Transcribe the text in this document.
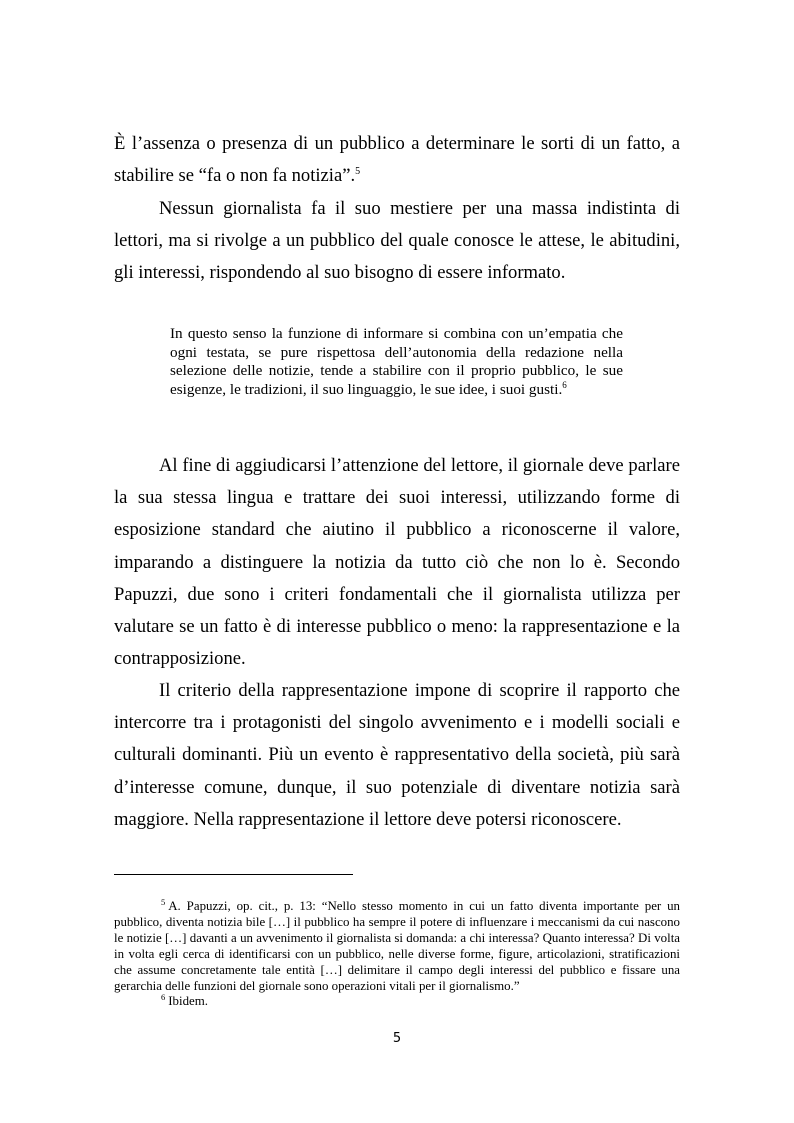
È l’assenza o presenza di un pubblico a determinare le sorti di un fatto, a stabilire se “fa o non fa notizia”.$^5$

Nessun giornalista fa il suo mestiere per una massa indistinta di lettori, ma si rivolge a un pubblico del quale conosce le attese, le abitudini, gli interessi, rispondendo al suo bisogno di essere informato.

In questo senso la funzione di informare si combina con un’empatia che ogni testata, se pure rispettosa dell’autonomia della redazione nella selezione delle notizie, tende a stabilire con il proprio pubblico, le sue esigenze, le tradizioni, il suo linguaggio, le sue idee, i suoi gusti.$^6$

Al fine di aggiudicarsi l’attenzione del lettore, il giornale deve parlare la sua stessa lingua e trattare dei suoi interessi, utilizzando forme di esposizione standard che aiutino il pubblico a riconoscerne il valore, imparando a distinguere la notizia da tutto ciò che non lo è. Secondo Papuzzi, due sono i criteri fondamentali che il giornalista utilizza per valutare se un fatto è di interesse pubblico o meno: la rappresentazione e la contrapposizione.

Il criterio della rappresentazione impone di scoprire il rapporto che intercorre tra i protagonisti del singolo avvenimento e i modelli sociali e culturali dominanti. Più un evento è rappresentativo della società, più sarà d’interesse comune, dunque, il suo potenziale di diventare notizia sarà maggiore. Nella rappresentazione il lettore deve potersi riconoscere.

$^5$ A. Papuzzi, op. cit., p. 13: “Nello stesso momento in cui un fatto diventa importante per un pubblico, diventa notizia bile […] il pubblico ha sempre il potere di influenzare i meccanismi da cui nascono le notizie […] davanti a un avvenimento il giornalista si domanda: a chi interessa? Quanto interessa? Di volta in volta egli cerca di identificarsi con un pubblico, nelle diverse forme, figure, articolazioni, stratificazioni che assume concretamente tale entità […] delimitare il campo degli interessi del pubblico e fissare una gerarchia delle funzioni del giornale sono operazioni vitali per il giornalismo.”

$^6$ Ibidem.

5
